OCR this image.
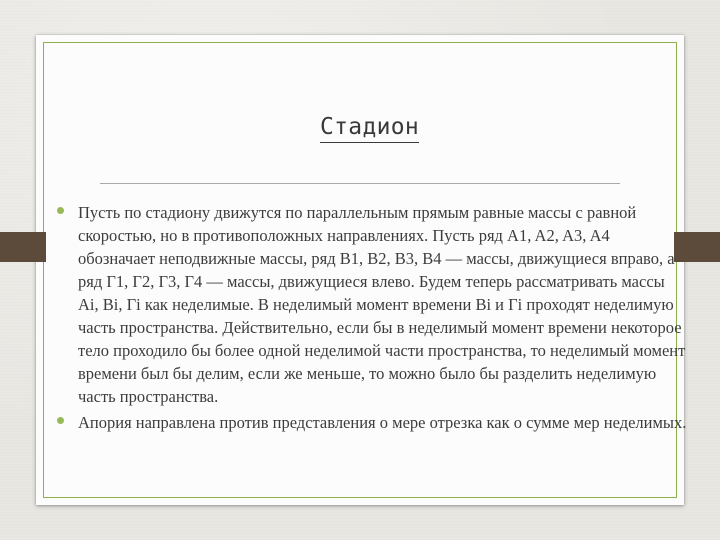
Стадион
Пусть по стадиону движутся по параллельным прямым равные массы с равной скоростью, но в противоположных направлениях. Пусть ряд A1, A2, A3, A4 обозначает неподвижные массы, ряд B1, B2, B3, B4 — массы, движущиеся вправо, а ряд Г1, Г2, Г3, Г4 — массы, движущиеся влево. Будем теперь рассматривать массы Ai, Bi, Гi как неделимые. В неделимый момент времени Bi и Гi проходят неделимую часть пространства. Действительно, если бы в неделимый момент времени некоторое тело проходило бы более одной неделимой части пространства, то неделимый момент времени был бы делим, если же меньше, то можно было бы разделить неделимую часть пространства.
Апория направлена против представления о мере отрезка как о сумме мер неделимых.
